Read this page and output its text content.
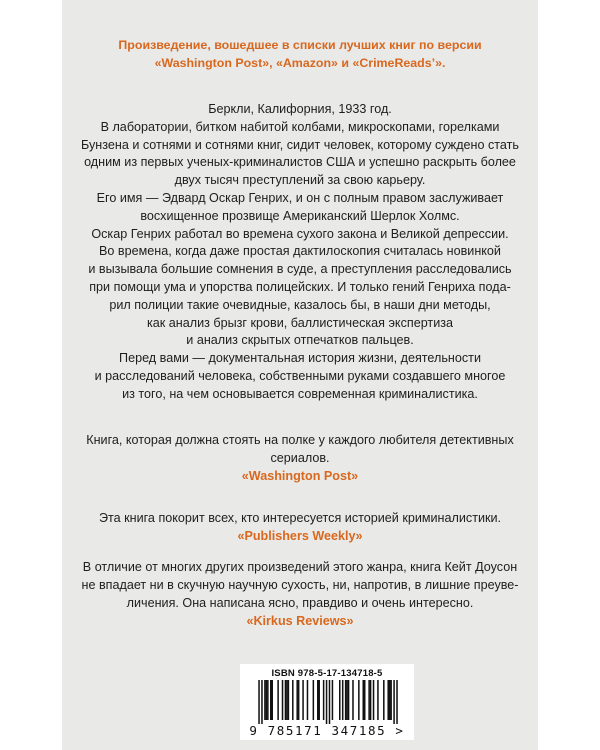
Произведение, вошедшее в списки лучших книг по версии
«Washington Post», «Amazon» и «CrimeReads’».

Беркли, Калифорния, 1933 год.

В лаборатории, битком набитой колбами, микроскопами, горелками

Бунзена и сотнями и сотнями книг, сидит человек, которому суждено стать

одним из первых ученых-криминалистов США и успешно раскрыть более

двух тысяч преступлений за свою карьеру.

Его имя — Эдвард Оскар Генрих, и он с полным правом заслуживает

восхищенное прозвище Американский Шерлок Холмс.

Оскар Генрих работал во времена сухого закона и Великой депрессии.

Во времена, когда даже простая дактилоскопия считалась новинкой

и вызывала большие сомнения в суде, а преступления расследовались

при помощи ума и упорства полицейских. И только гений Генриха пода-

рил полиции такие очевидные, казалось бы, в наши дни методы,

как анализ брызг крови, баллистическая экспертиза

и анализ скрытых отпечатков пальцев.

Перед вами — документальная история жизни, деятельности

и расследований человека, собственными руками создавшего многое

из того, на чем основывается современная криминалистика.

Книга, которая должна стоять на полке у каждого любителя детективных
сериалов.
«Washington Post»
Эта книга покорит всех, кто интересуется историей криминалистики.
«Publishers Weekly»
В отличие от многих других произведений этого жанра, книга Кейт Доусон
не впадает ни в скучную научную сухость, ни, напротив, в лишние преуве-
личения. Она написана ясно, правдиво и очень интересно.
«Kirkus Reviews»
ISBN 978-5-17-134718-5
9 785171 347185 >
